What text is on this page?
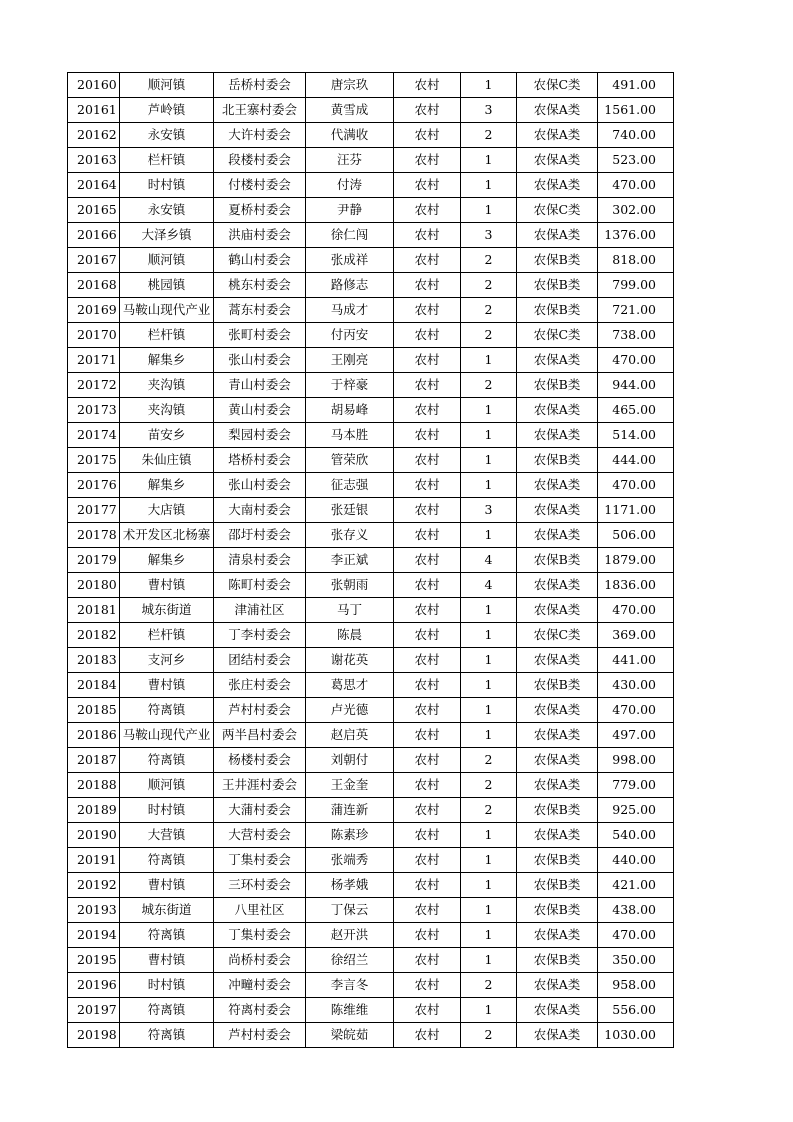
20160	顺河镇	岳桥村委会	唐宗玖	农村	1	农保C类	491.00
20161	芦岭镇	北王寨村委会	黄雪成	农村	3	农保A类	1561.00
20162	永安镇	大许村委会	代满收	农村	2	农保A类	740.00
20163	栏杆镇	段楼村委会	汪芬	农村	1	农保A类	523.00
20164	时村镇	付楼村委会	付涛	农村	1	农保A类	470.00
20165	永安镇	夏桥村委会	尹静	农村	1	农保C类	302.00
20166	大泽乡镇	洪庙村委会	徐仁闯	农村	3	农保A类	1376.00
20167	顺河镇	鹤山村委会	张成祥	农村	2	农保B类	818.00
20168	桃园镇	桃东村委会	路修志	农村	2	农保B类	799.00
20169	马鞍山现代产业	蒿东村委会	马成才	农村	2	农保B类	721.00
20170	栏杆镇	张町村委会	付丙安	农村	2	农保C类	738.00
20171	解集乡	张山村委会	王刚亮	农村	1	农保A类	470.00
20172	夹沟镇	青山村委会	于梓豪	农村	2	农保B类	944.00
20173	夹沟镇	黄山村委会	胡易峰	农村	1	农保A类	465.00
20174	苗安乡	梨园村委会	马本胜	农村	1	农保A类	514.00
20175	朱仙庄镇	塔桥村委会	管荣欣	农村	1	农保B类	444.00
20176	解集乡	张山村委会	征志强	农村	1	农保A类	470.00
20177	大店镇	大南村委会	张廷银	农村	3	农保A类	1171.00
20178	术开发区北杨寨	邵圩村委会	张存义	农村	1	农保A类	506.00
20179	解集乡	清泉村委会	李正斌	农村	4	农保B类	1879.00
20180	曹村镇	陈町村委会	张朝雨	农村	4	农保A类	1836.00
20181	城东街道	津浦社区	马丁	农村	1	农保A类	470.00
20182	栏杆镇	丁李村委会	陈晨	农村	1	农保C类	369.00
20183	支河乡	团结村委会	谢花英	农村	1	农保A类	441.00
20184	曹村镇	张庄村委会	葛思才	农村	1	农保B类	430.00
20185	符离镇	芦村村委会	卢光德	农村	1	农保A类	470.00
20186	马鞍山现代产业	两半昌村委会	赵启英	农村	1	农保A类	497.00
20187	符离镇	杨楼村委会	刘朝付	农村	2	农保A类	998.00
20188	顺河镇	王井涯村委会	王金奎	农村	2	农保A类	779.00
20189	时村镇	大蒲村委会	蒲连新	农村	2	农保B类	925.00
20190	大营镇	大营村委会	陈素珍	农村	1	农保A类	540.00
20191	符离镇	丁集村委会	张端秀	农村	1	农保B类	440.00
20192	曹村镇	三环村委会	杨孝娥	农村	1	农保B类	421.00
20193	城东街道	八里社区	丁保云	农村	1	农保B类	438.00
20194	符离镇	丁集村委会	赵开洪	农村	1	农保A类	470.00
20195	曹村镇	尚桥村委会	徐绍兰	农村	1	农保B类	350.00
20196	时村镇	冲疃村委会	李言冬	农村	2	农保A类	958.00
20197	符离镇	符离村委会	陈维维	农村	1	农保A类	556.00
20198	符离镇	芦村村委会	梁皖茹	农村	2	农保A类	1030.00
